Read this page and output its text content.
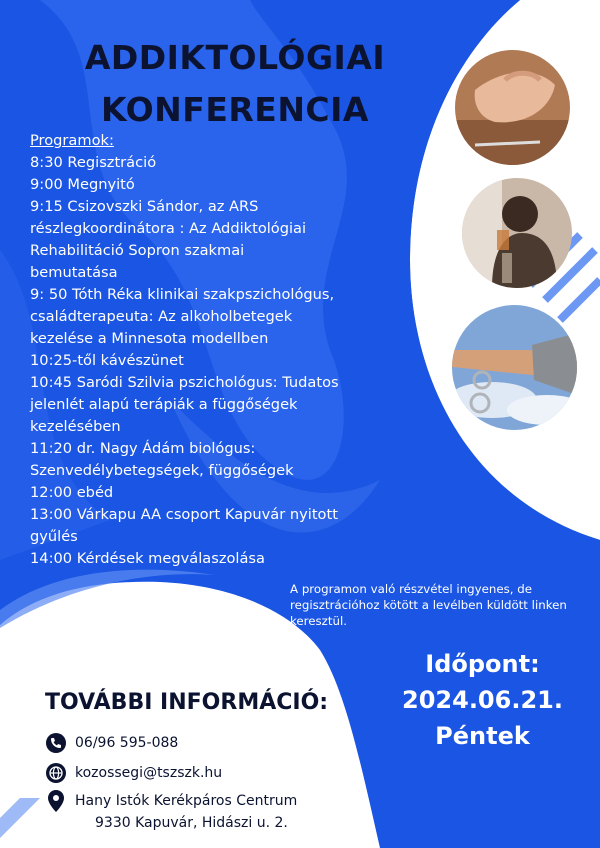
ADDIKTOLÓGIAI
KONFERENCIA
Programok:
8:30 Regisztráció
9:00 Megnyitó
9:15 Csizovszki Sándor, az ARS
részlegkoordinátora : Az Addiktológiai
Rehabilitáció Sopron szakmai
bemutatása
9: 50 Tóth Réka klinikai szakpszichológus,
családterapeuta: Az alkoholbetegek
kezelése a Minnesota modellben
10:25-től kávészünet
10:45 Saródi Szilvia pszichológus: Tudatos
jelenlét alapú terápiák a függőségek
kezelésében
11:20 dr. Nagy Ádám biológus:
Szenvedélybetegségek, függőségek
12:00 ebéd
13:00 Várkapu AA csoport Kapuvár nyitott
gyűlés
14:00 Kérdések megválaszolása
A programon való részvétel ingyenes, de
regisztrációhoz kötött a levélben küldött linken
keresztül.
Időpont:
2024.06.21.
Péntek
TOVÁBBI INFORMÁCIÓ:
06/96 595-088
kozossegi@tszszk.hu
Hany Istók Kerékpáros Centrum
9330 Kapuvár, Hidászi u. 2.
